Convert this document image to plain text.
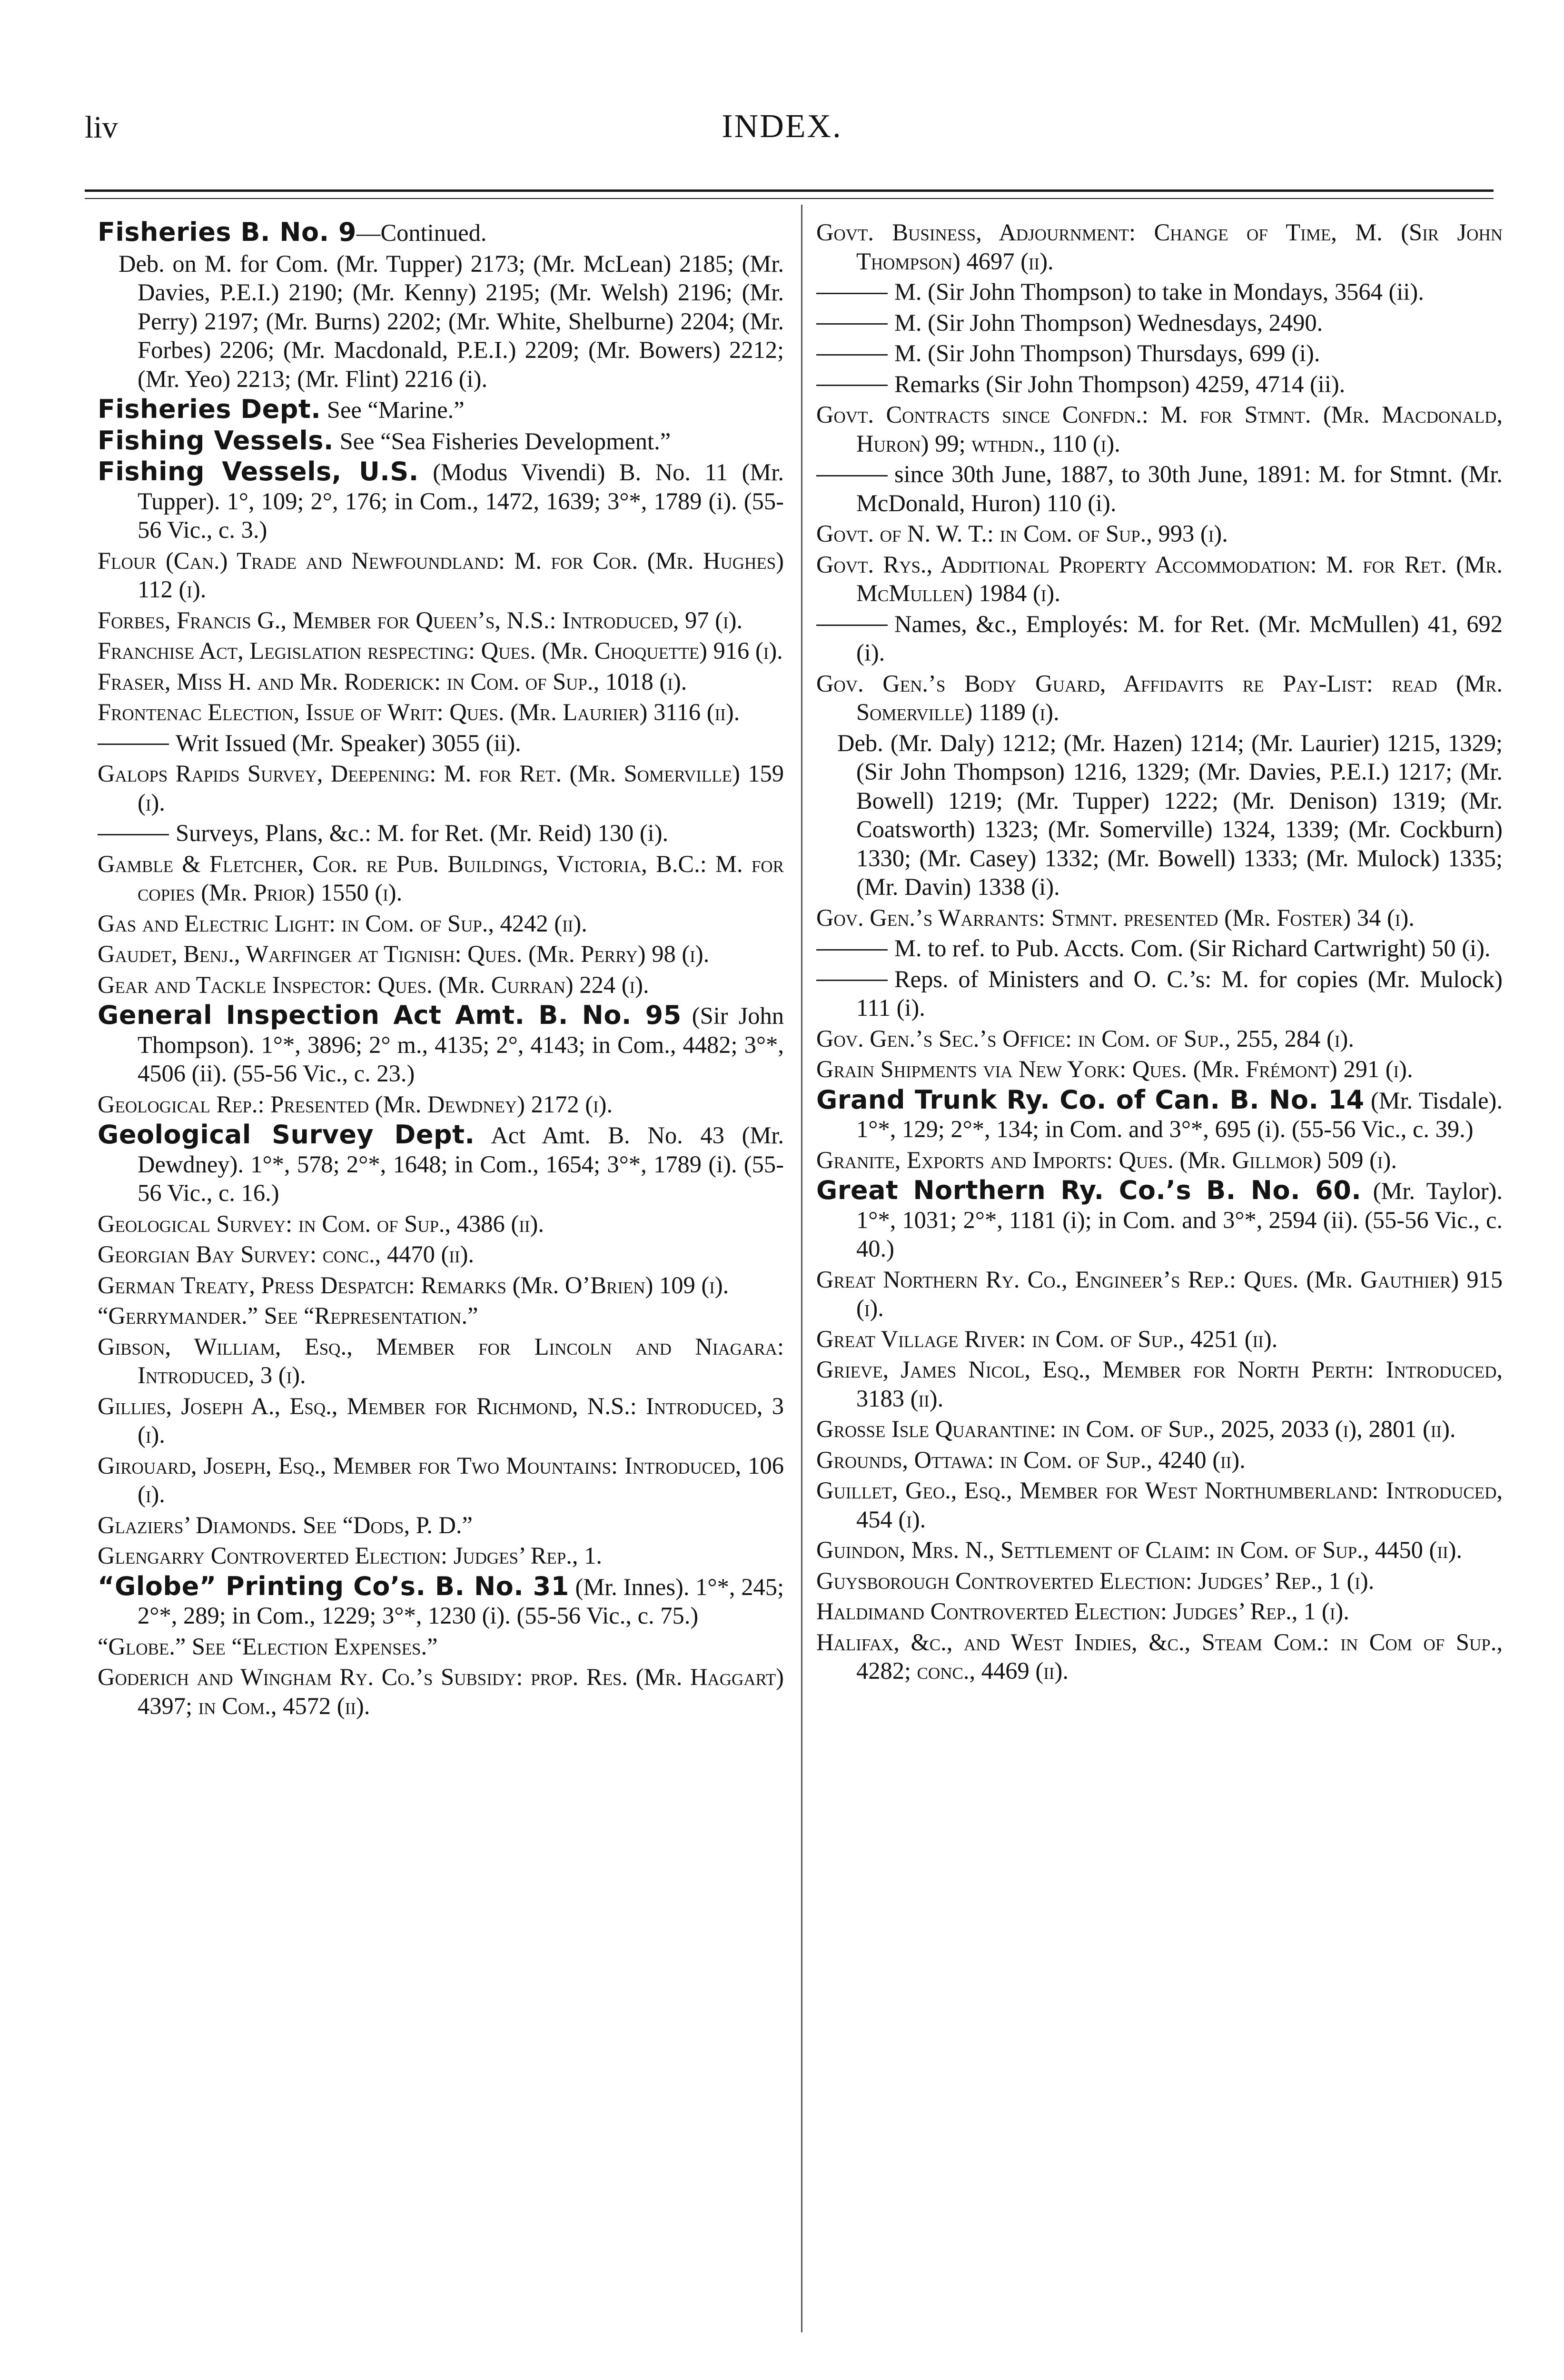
liv	INDEX.

Fisheries B. No. 9—Continued.

Deb. on M. for Com. (Mr. Tupper) 2173; (Mr. McLean) 2185; (Mr. Davies, P.E.I.) 2190; (Mr. Kenny) 2195; (Mr. Welsh) 2196; (Mr. Perry) 2197; (Mr. Burns) 2202; (Mr. White, Shelburne) 2204; (Mr. Forbes) 2206; (Mr. Macdonald, P.E.I.) 2209; (Mr. Bowers) 2212; (Mr. Yeo) 2213; (Mr. Flint) 2216 (i).

Fisheries Dept. See “Marine.”

Fishing Vessels. See “Sea Fisheries Development.”

Fishing Vessels, U.S. (Modus Vivendi) B. No. 11 (Mr. Tupper). 1°, 109; 2°, 176; in Com., 1472, 1639; 3°*, 1789 (i). (55-56 Vic., c. 3.)

Flour (Can.) Trade and Newfoundland: M. for Cor. (Mr. Hughes) 112 (i).

Forbes, Francis G., Member for Queen’s, N.S.: Introduced, 97 (i).

Franchise Act, Legislation respecting: Ques. (Mr. Choquette) 916 (i).

Fraser, Miss H. and Mr. Roderick: in Com. of Sup., 1018 (i).

Frontenac Election, Issue of Writ: Ques. (Mr. Laurier) 3116 (ii).

Writ Issued (Mr. Speaker) 3055 (ii).

Galops Rapids Survey, Deepening: M. for Ret. (Mr. Somerville) 159 (i).

Surveys, Plans, &c.: M. for Ret. (Mr. Reid) 130 (i).

Gamble & Fletcher, Cor. re Pub. Buildings, Victoria, B.C.: M. for copies (Mr. Prior) 1550 (i).

Gas and Electric Light: in Com. of Sup., 4242 (ii).

Gaudet, Benj., Warfinger at Tignish: Ques. (Mr. Perry) 98 (i).

Gear and Tackle Inspector: Ques. (Mr. Curran) 224 (i).

General Inspection Act Amt. B. No. 95 (Sir John Thompson). 1°*, 3896; 2° m., 4135; 2°, 4143; in Com., 4482; 3°*, 4506 (ii). (55-56 Vic., c. 23.)

Geological Rep.: Presented (Mr. Dewdney) 2172 (i).

Geological Survey Dept. Act Amt. B. No. 43 (Mr. Dewdney). 1°*, 578; 2°*, 1648; in Com., 1654; 3°*, 1789 (i). (55-56 Vic., c. 16.)

Geological Survey: in Com. of Sup., 4386 (ii).

Georgian Bay Survey: conc., 4470 (ii).

German Treaty, Press Despatch: Remarks (Mr. O’Brien) 109 (i).

“Gerrymander.” See “Representation.”

Gibson, William, Esq., Member for Lincoln and Niagara: Introduced, 3 (i).

Gillies, Joseph A., Esq., Member for Richmond, N.S.: Introduced, 3 (i).

Girouard, Joseph, Esq., Member for Two Mountains: Introduced, 106 (i).

Glaziers’ Diamonds. See “Dods, P. D.”

Glengarry Controverted Election: Judges’ Rep., 1.

“Globe” Printing Co’s. B. No. 31 (Mr. Innes). 1°*, 245; 2°*, 289; in Com., 1229; 3°*, 1230 (i). (55-56 Vic., c. 75.)

“Globe.” See “Election Expenses.”

Goderich and Wingham Ry. Co.’s Subsidy: prop. Res. (Mr. Haggart) 4397; in Com., 4572 (ii).

Govt. Business, Adjournment: Change of Time, M. (Sir John Thompson) 4697 (ii).

M. (Sir John Thompson) to take in Mondays, 3564 (ii).

M. (Sir John Thompson) Wednesdays, 2490.

M. (Sir John Thompson) Thursdays, 699 (i).

Remarks (Sir John Thompson) 4259, 4714 (ii).

Govt. Contracts since Confdn.: M. for Stmnt. (Mr. Macdonald, Huron) 99; wthdn., 110 (i).

since 30th June, 1887, to 30th June, 1891: M. for Stmnt. (Mr. McDonald, Huron) 110 (i).

Govt. of N. W. T.: in Com. of Sup., 993 (i).

Govt. Rys., Additional Property Accommodation: M. for Ret. (Mr. McMullen) 1984 (i).

Names, &c., Employés: M. for Ret. (Mr. McMullen) 41, 692 (i).

Gov. Gen.’s Body Guard, Affidavits re Pay-List: read (Mr. Somerville) 1189 (i).

Deb. (Mr. Daly) 1212; (Mr. Hazen) 1214; (Mr. Laurier) 1215, 1329; (Sir John Thompson) 1216, 1329; (Mr. Davies, P.E.I.) 1217; (Mr. Bowell) 1219; (Mr. Tupper) 1222; (Mr. Denison) 1319; (Mr. Coatsworth) 1323; (Mr. Somerville) 1324, 1339; (Mr. Cockburn) 1330; (Mr. Casey) 1332; (Mr. Bowell) 1333; (Mr. Mulock) 1335; (Mr. Davin) 1338 (i).

Gov. Gen.’s Warrants: Stmnt. presented (Mr. Foster) 34 (i).

M. to ref. to Pub. Accts. Com. (Sir Richard Cartwright) 50 (i).

Reps. of Ministers and O. C.’s: M. for copies (Mr. Mulock) 111 (i).

Gov. Gen.’s Sec.’s Office: in Com. of Sup., 255, 284 (i).

Grain Shipments via New York: Ques. (Mr. Frémont) 291 (i).

Grand Trunk Ry. Co. of Can. B. No. 14 (Mr. Tisdale). 1°*, 129; 2°*, 134; in Com. and 3°*, 695 (i). (55-56 Vic., c. 39.)

Granite, Exports and Imports: Ques. (Mr. Gillmor) 509 (i).

Great Northern Ry. Co.’s B. No. 60. (Mr. Taylor). 1°*, 1031; 2°*, 1181 (i); in Com. and 3°*, 2594 (ii). (55-56 Vic., c. 40.)

Great Northern Ry. Co., Engineer’s Rep.: Ques. (Mr. Gauthier) 915 (i).

Great Village River: in Com. of Sup., 4251 (ii).

Grieve, James Nicol, Esq., Member for North Perth: Introduced, 3183 (ii).

Grosse Isle Quarantine: in Com. of Sup., 2025, 2033 (i), 2801 (ii).

Grounds, Ottawa: in Com. of Sup., 4240 (ii).

Guillet, Geo., Esq., Member for West Northumberland: Introduced, 454 (i).

Guindon, Mrs. N., Settlement of Claim: in Com. of Sup., 4450 (ii).

Guysborough Controverted Election: Judges’ Rep., 1 (i).

Haldimand Controverted Election: Judges’ Rep., 1 (i).

Halifax, &c., and West Indies, &c., Steam Com.: in Com of Sup., 4282; conc., 4469 (ii).
